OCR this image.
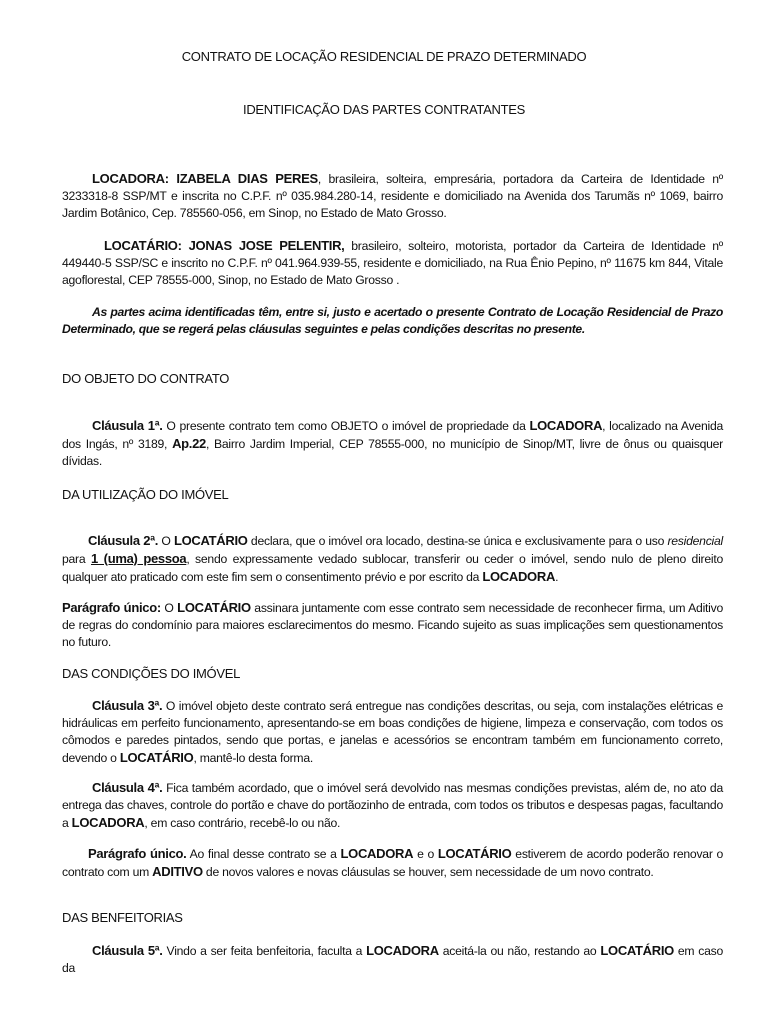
CONTRATO DE LOCAÇÃO RESIDENCIAL DE PRAZO DETERMINADO
IDENTIFICAÇÃO DAS PARTES CONTRATANTES
LOCADORA: IZABELA DIAS PERES, brasileira, solteira, empresária, portadora da Carteira de Identidade nº 3233318-8 SSP/MT e inscrita no C.P.F. nº 035.984.280-14, residente e domiciliado na Avenida dos Tarumãs nº 1069, bairro Jardim Botânico, Cep. 785560-056, em Sinop, no Estado de Mato Grosso.
LOCATÁRIO: JONAS JOSE PELENTIR, brasileiro, solteiro, motorista, portador da Carteira de Identidade nº 449440-5 SSP/SC e inscrito no C.P.F. nº 041.964.939-55, residente e domiciliado, na Rua Ênio Pepino, nº 11675 km 844, Vitale agoflorestal, CEP 78555-000, Sinop, no Estado de Mato Grosso .
As partes acima identificadas têm, entre si, justo e acertado o presente Contrato de Locação Residencial de Prazo Determinado, que se regerá pelas cláusulas seguintes e pelas condições descritas no presente.
DO OBJETO DO CONTRATO
Cláusula 1ª. O presente contrato tem como OBJETO o imóvel de propriedade da LOCADORA, localizado na Avenida dos Ingás, nº 3189, Ap.22, Bairro Jardim Imperial, CEP 78555-000, no município de Sinop/MT, livre de ônus ou quaisquer dívidas.
DA UTILIZAÇÃO DO IMÓVEL
Cláusula 2ª. O LOCATÁRIO declara, que o imóvel ora locado, destina-se única e exclusivamente para o uso residencial para 1 (uma) pessoa, sendo expressamente vedado sublocar, transferir ou ceder o imóvel, sendo nulo de pleno direito qualquer ato praticado com este fim sem o consentimento prévio e por escrito da LOCADORA.
Parágrafo único: O LOCATÁRIO assinara juntamente com esse contrato sem necessidade de reconhecer firma, um Aditivo de regras do condomínio para maiores esclarecimentos do mesmo. Ficando sujeito as suas implicações sem questionamentos no futuro.
DAS CONDIÇÕES DO IMÓVEL
Cláusula 3ª. O imóvel objeto deste contrato será entregue nas condições descritas, ou seja, com instalações elétricas e hidráulicas em perfeito funcionamento, apresentando-se em boas condições de higiene, limpeza e conservação, com todos os cômodos e paredes pintados, sendo que portas, e janelas e acessórios se encontram também em funcionamento correto, devendo o LOCATÁRIO, mantê-lo desta forma.
Cláusula 4ª. Fica também acordado, que o imóvel será devolvido nas mesmas condições previstas, além de, no ato da entrega das chaves, controle do portão e chave do portãozinho de entrada, com todos os tributos e despesas pagas, facultando a LOCADORA, em caso contrário, recebê-lo ou não.
Parágrafo único. Ao final desse contrato se a LOCADORA e o LOCATÁRIO estiverem de acordo poderão renovar o contrato com um ADITIVO de novos valores e novas cláusulas se houver, sem necessidade de um novo contrato.
DAS BENFEITORIAS
Cláusula 5ª. Vindo a ser feita benfeitoria, faculta a LOCADORA aceitá-la ou não, restando ao LOCATÁRIO em caso da
